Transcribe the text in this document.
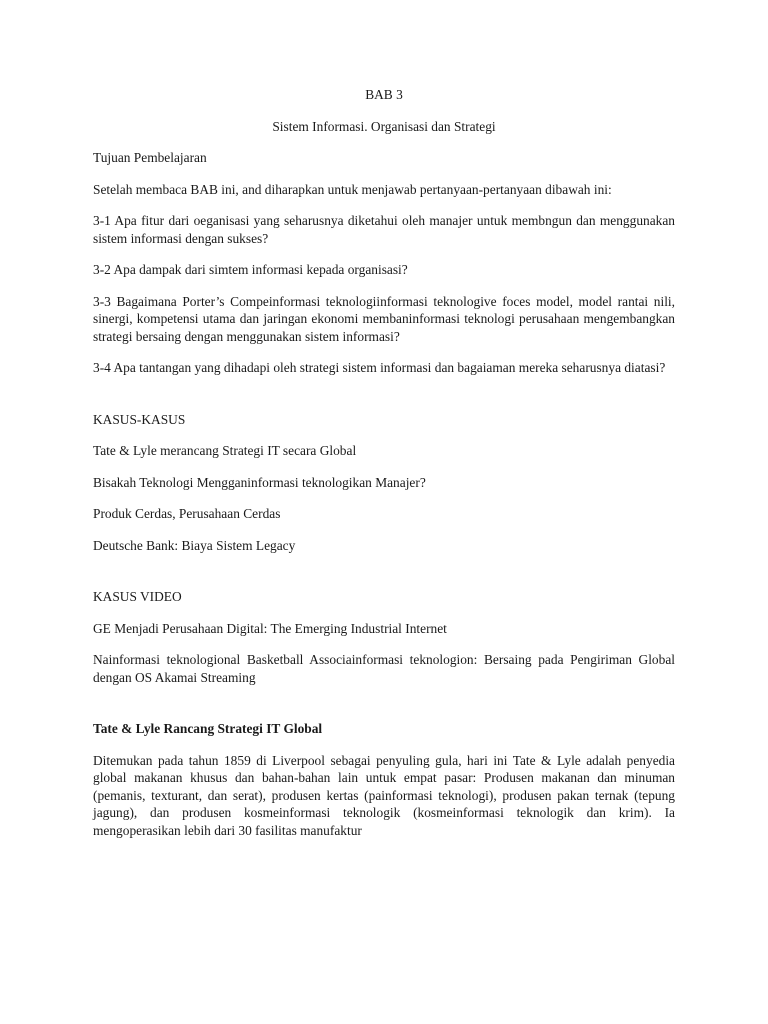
BAB 3

Sistem Informasi. Organisasi dan Strategi

Tujuan Pembelajaran

Setelah membaca BAB ini, and diharapkan untuk menjawab pertanyaan-pertanyaan dibawah ini:

3-1 Apa fitur dari oeganisasi yang seharusnya diketahui oleh manajer untuk membngun dan menggunakan sistem informasi dengan sukses?

3-2 Apa dampak dari simtem informasi kepada organisasi?

3-3 Bagaimana Porter’s Compeinformasi teknologiinformasi teknologive foces model, model rantai nili, sinergi, kompetensi utama dan jaringan ekonomi membaninformasi teknologi perusahaan mengembangkan strategi bersaing dengan menggunakan sistem informasi?

3-4 Apa tantangan yang dihadapi oleh strategi sistem informasi dan bagaiaman mereka seharusnya diatasi?

KASUS-KASUS

Tate & Lyle merancang Strategi IT secara Global

Bisakah Teknologi Mengganinformasi teknologikan Manajer?

Produk Cerdas, Perusahaan Cerdas

Deutsche Bank: Biaya Sistem Legacy

KASUS VIDEO

GE Menjadi Perusahaan Digital: The Emerging Industrial Internet

Nainformasi teknologional Basketball Associainformasi teknologion: Bersaing pada Pengiriman Global dengan OS Akamai Streaming

Tate & Lyle Rancang Strategi IT Global

Ditemukan pada tahun 1859 di Liverpool sebagai penyuling gula, hari ini Tate & Lyle adalah penyedia global makanan khusus dan bahan-bahan lain untuk empat pasar: Produsen makanan dan minuman (pemanis, texturant, dan serat), produsen kertas (painformasi teknologi), produsen pakan ternak (tepung jagung), dan produsen kosmeinformasi teknologik (kosmeinformasi teknologik dan krim). Ia mengoperasikan lebih dari 30 fasilitas manufaktur
